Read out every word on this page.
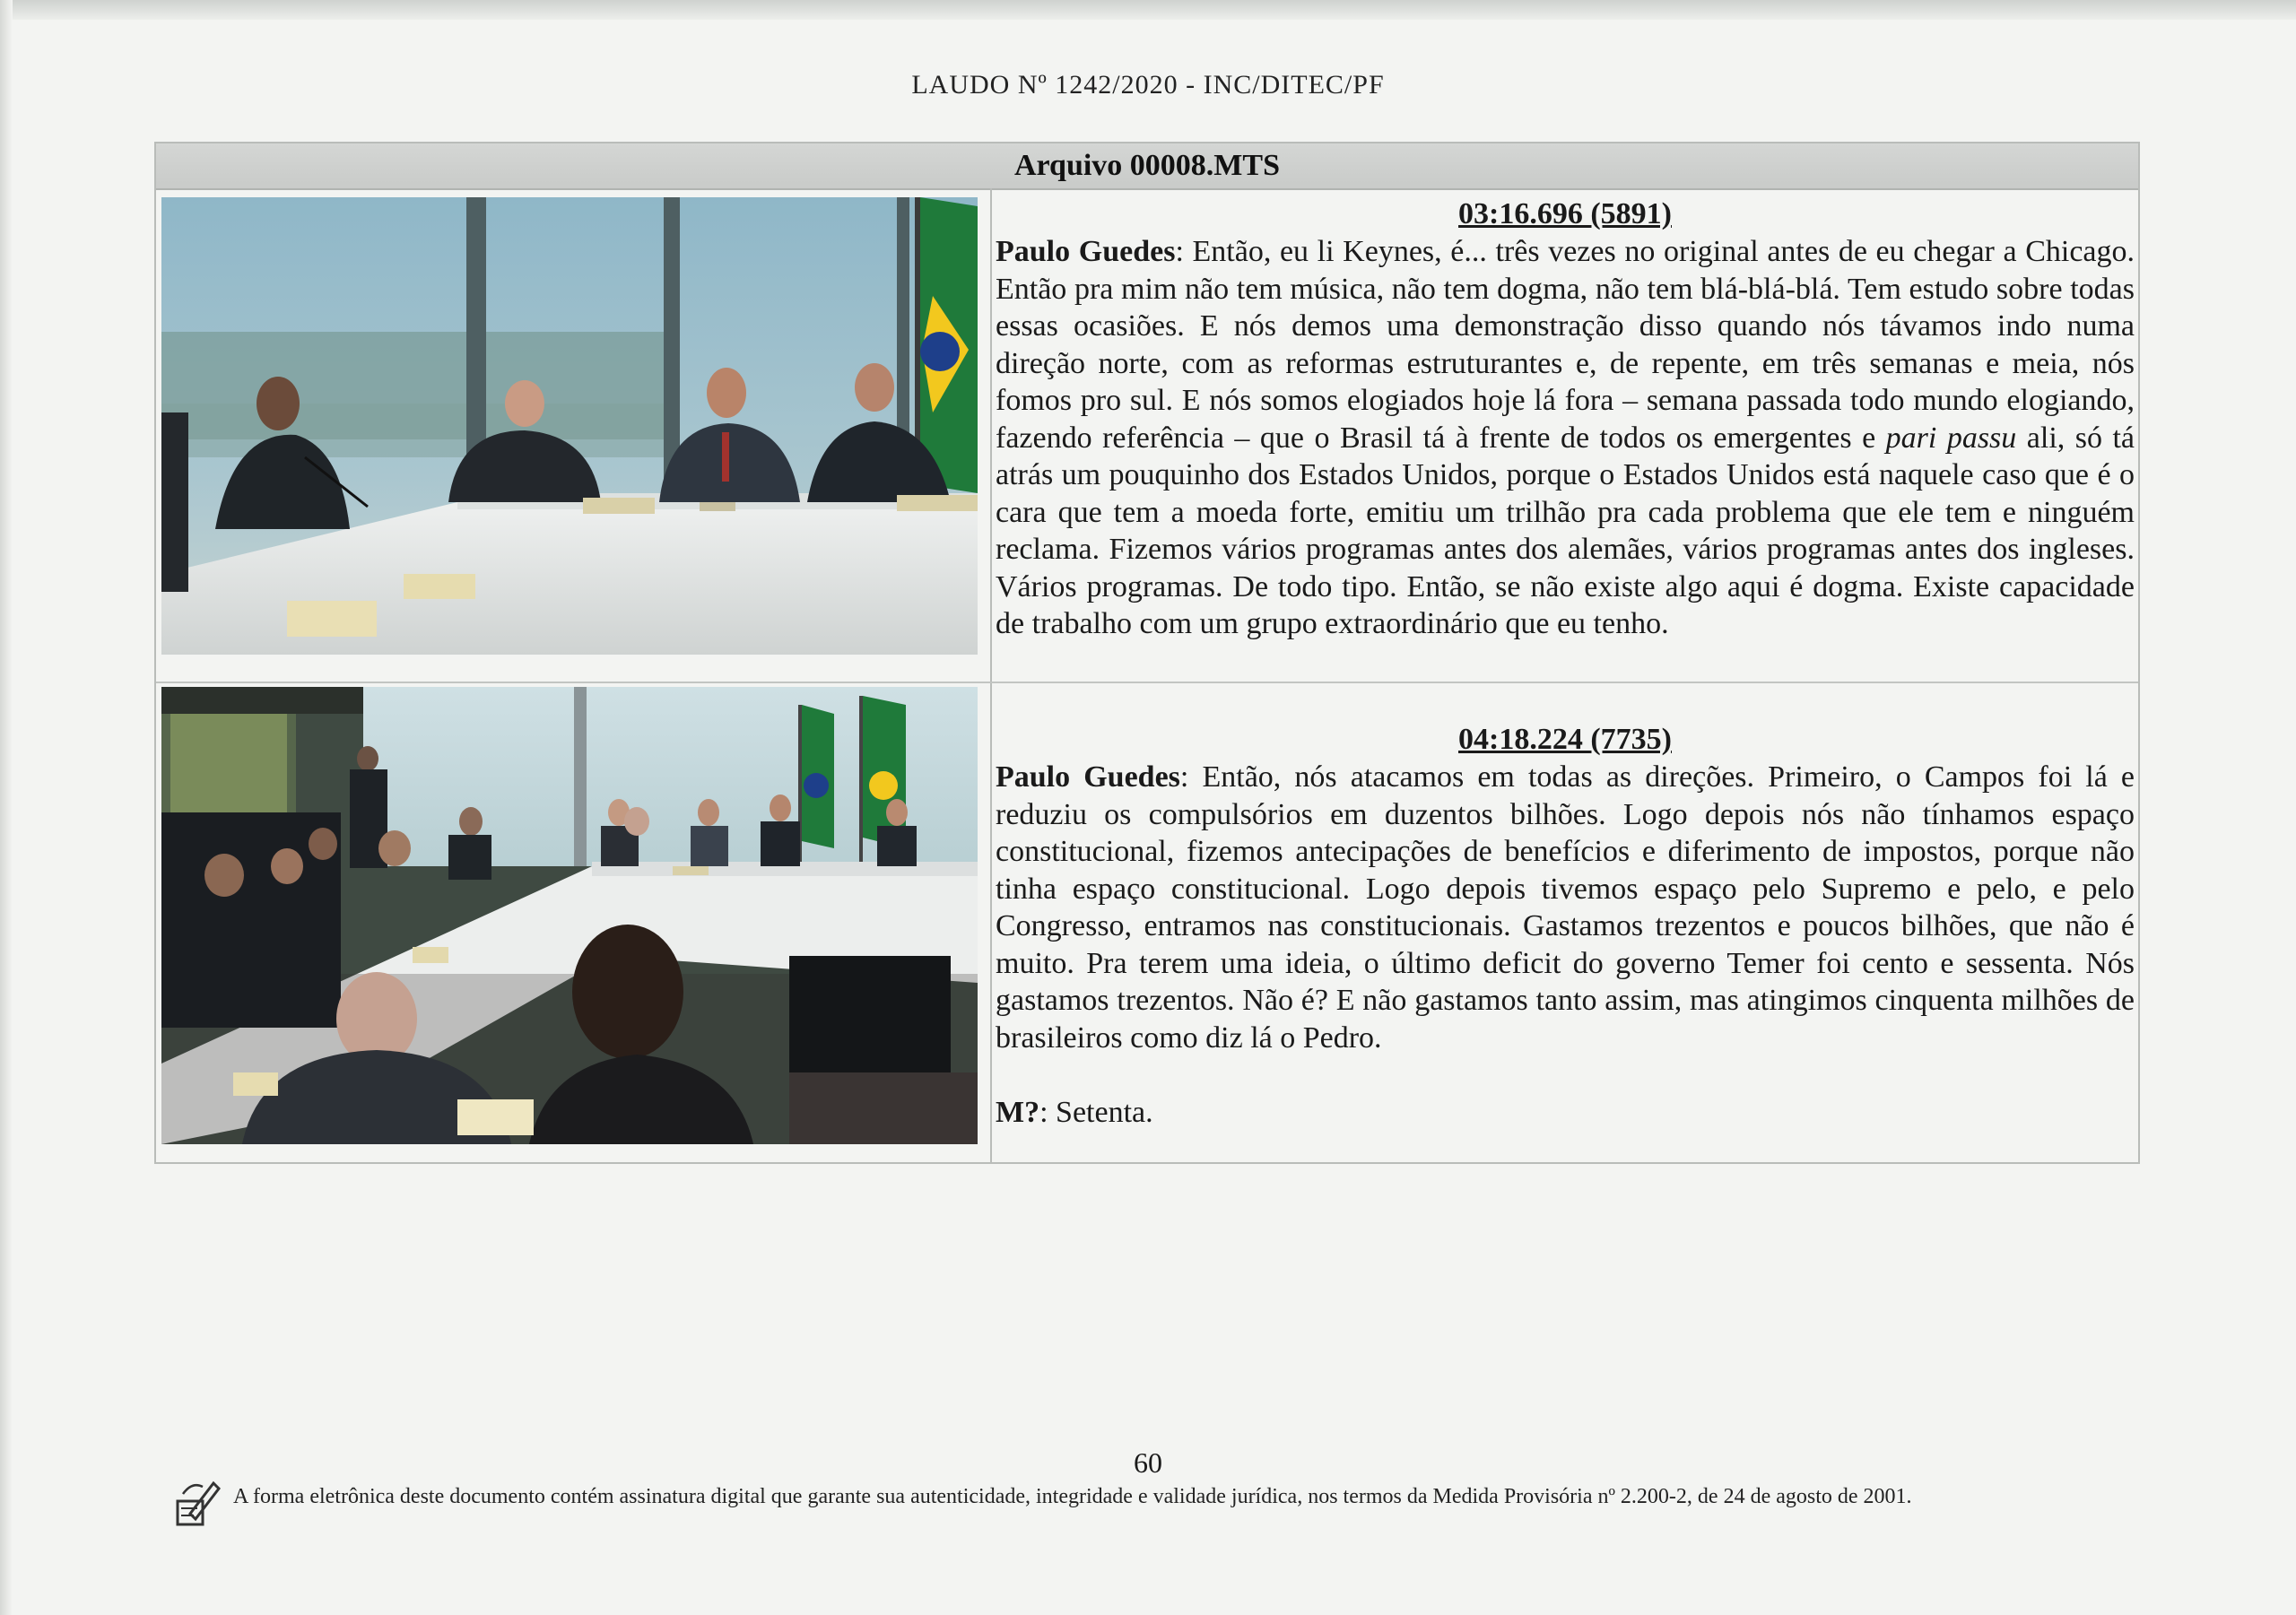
LAUDO Nº 1242/2020 - INC/DITEC/PF
Arquivo 00008.MTS
03:16.696 (5891)
Paulo Guedes: Então, eu li Keynes, é... três vezes no original antes de eu chegar a Chicago. Então pra mim não tem música, não tem dogma, não tem blá-blá-blá. Tem estudo sobre todas essas ocasiões. E nós demos uma demonstração disso quando nós távamos indo numa direção norte, com as reformas estruturantes e, de repente, em três semanas e meia, nós fomos pro sul. E nós somos elogiados hoje lá fora – semana passada todo mundo elogiando, fazendo referência – que o Brasil tá à frente de todos os emergentes e pari passu ali, só tá atrás um pouquinho dos Estados Unidos, porque o Estados Unidos está naquele caso que é o cara que tem a moeda forte, emitiu um trilhão pra cada problema que ele tem e ninguém reclama. Fizemos vários programas antes dos alemães, vários programas antes dos ingleses. Vários programas. De todo tipo. Então, se não existe algo aqui é dogma. Existe capacidade de trabalho com um grupo extraordinário que eu tenho.
04:18.224 (7735)
Paulo Guedes: Então, nós atacamos em todas as direções. Primeiro, o Campos foi lá e reduziu os compulsórios em duzentos bilhões. Logo depois nós não tínhamos espaço constitucional, fizemos antecipações de benefícios e diferimento de impostos, porque não tinha espaço constitucional. Logo depois tivemos espaço pelo Supremo e pelo, e pelo Congresso, entramos nas constitucionais. Gastamos trezentos e poucos bilhões, que não é muito. Pra terem uma ideia, o último deficit do governo Temer foi cento e sessenta. Nós gastamos trezentos. Não é? E não gastamos tanto assim, mas atingimos cinquenta milhões de brasileiros como diz lá o Pedro.
M?: Setenta.
60
A forma eletrônica deste documento contém assinatura digital que garante sua autenticidade, integridade e validade jurídica, nos termos da Medida Provisória nº 2.200-2, de 24 de agosto de 2001.
